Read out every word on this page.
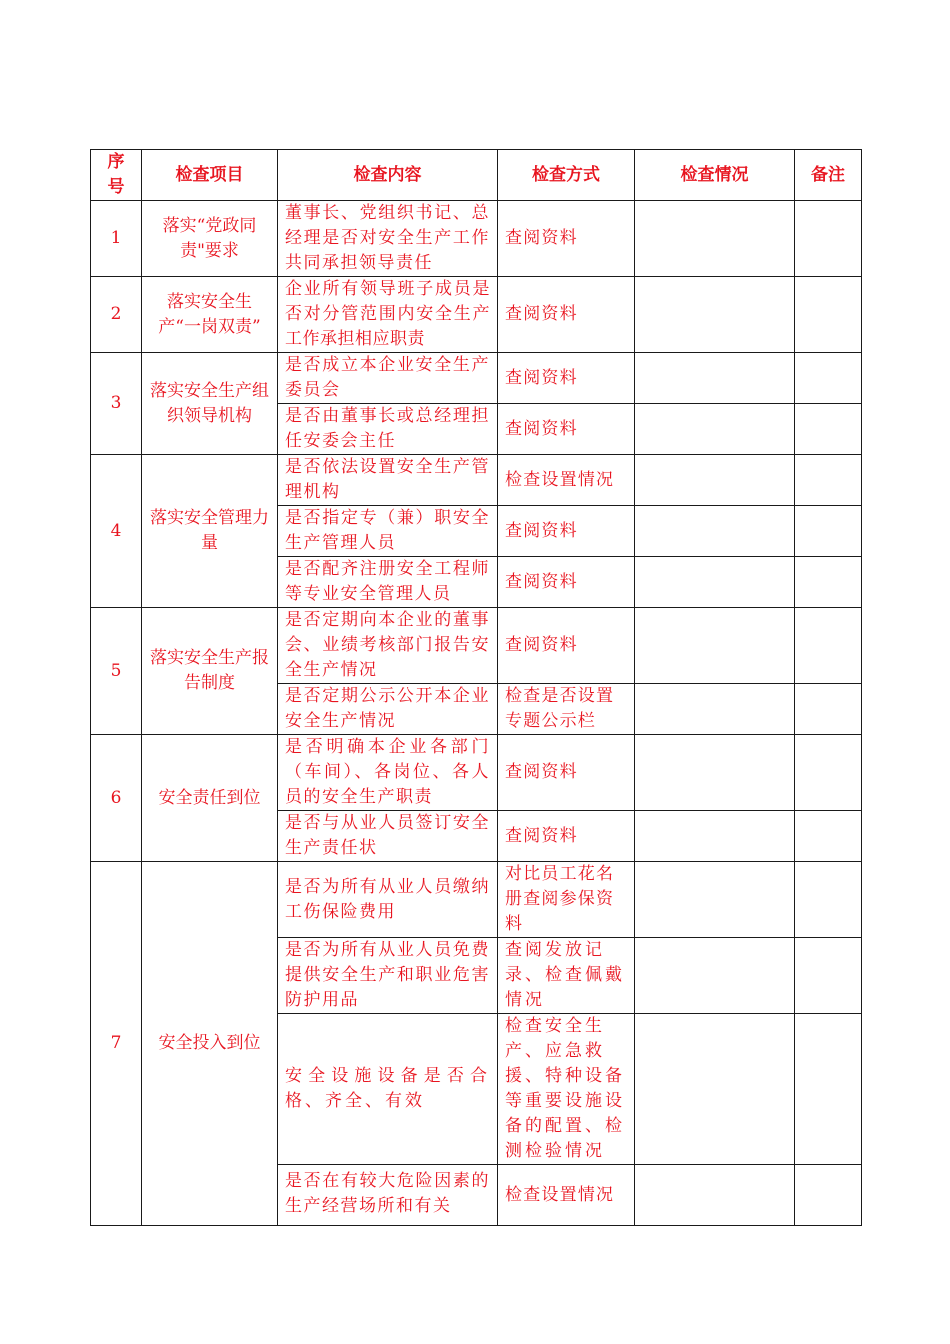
序号	检查项目	检查内容	检查方式	检查情况	备注
1	落实“党政同责"要求	董事长、党组织书记、总经理是否对安全生产工作共同承担领导责任	查阅资料		
2	落实安全生产“一岗双责”	企业所有领导班子成员是否对分管范围内安全生产工作承担相应职责	查阅资料		
3	落实安全生产组织领导机构	是否成立本企业安全生产委员会	查阅资料		
		是否由董事长或总经理担任安委会主任	查阅资料		
4	落实安全管理力量	是否依法设置安全生产管理机构	检查设置情况		
		是否指定专（兼）职安全生产管理人员	查阅资料		
		是否配齐注册安全工程师等专业安全管理人员	查阅资料		
5	落实安全生产报告制度	是否定期向本企业的董事会、业绩考核部门报告安全生产情况	查阅资料		
		是否定期公示公开本企业安全生产情况	检查是否设置专题公示栏		
6	安全责任到位	是否明确本企业各部门（车间）、各岗位、各人员的安全生产职责	查阅资料		
		是否与从业人员签订安全生产责任状	查阅资料		
7	安全投入到位	是否为所有从业人员缴纳工伤保险费用	对比员工花名册查阅参保资料		
		是否为所有从业人员免费提供安全生产和职业危害防护用品	查阅发放记录、检查佩戴情况		
		安全设施设备是否合格、齐全、有效	检查安全生产、应急救援、特种设备等重要设施设备的配置、检测检验情况		
		是否在有较大危险因素的生产经营场所和有关	检查设置情况		
